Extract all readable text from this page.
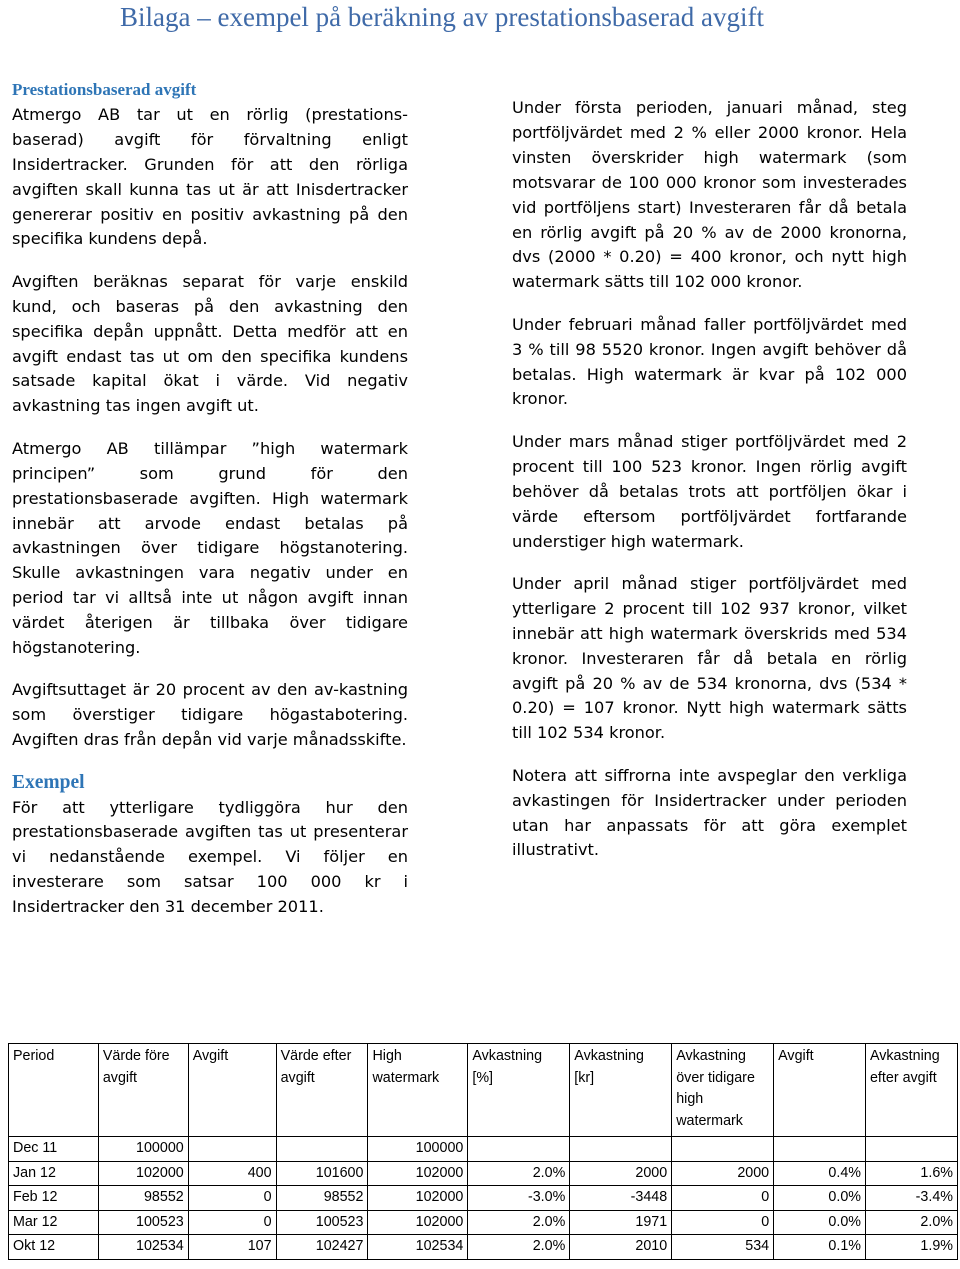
Bilaga – exempel på beräkning av prestationsbaserad avgift
Prestationsbaserad avgift

Atmergo AB tar ut en rörlig (prestations-baserad) avgift för förvaltning enligt Insidertracker. Grunden för att den rörliga avgiften skall kunna tas ut är att Inisdertracker genererar positiv en positiv avkastning på den specifika kundens depå.

Avgiften beräknas separat för varje enskild kund, och baseras på den avkastning den specifika depån uppnått. Detta medför att en avgift endast tas ut om den specifika kundens satsade kapital ökat i värde. Vid negativ avkastning tas ingen avgift ut.

Atmergo AB tillämpar ”high watermark principen” som grund för den prestationsbaserade avgiften. High watermark innebär att arvode endast betalas på avkastningen över tidigare högstanotering. Skulle avkastningen vara negativ under en period tar vi alltså inte ut någon avgift innan värdet återigen är tillbaka över tidigare högstanotering.

Avgiftsuttaget är 20 procent av den av-kastning som överstiger tidigare högastabotering. Avgiften dras från depån vid varje månadsskifte.

Exempel

För att ytterligare tydliggöra hur den prestationsbaserade avgiften tas ut presenterar vi nedanstående exempel. Vi följer en investerare som satsar 100 000 kr i Insidertracker den 31 december 2011.

Under första perioden, januari månad, steg portföljvärdet med 2 % eller 2000 kronor. Hela vinsten överskrider high watermark (som motsvarar de 100 000 kronor som investerades vid portföljens start) Investeraren får då betala en rörlig avgift på 20 % av de 2000 kronorna, dvs (2000 * 0.20) = 400 kronor, och nytt high watermark sätts till 102 000 kronor.

Under februari månad faller portföljvärdet med 3 % till 98 5520 kronor. Ingen avgift behöver då betalas. High watermark är kvar på 102 000 kronor.

Under mars månad stiger portföljvärdet med 2 procent till 100 523 kronor. Ingen rörlig avgift behöver då betalas trots att portföljen ökar i värde eftersom portföljvärdet fortfarande understiger high watermark.

Under april månad stiger portföljvärdet med ytterligare 2 procent till 102 937 kronor, vilket innebär att high watermark överskrids med 534 kronor. Investeraren får då betala en rörlig avgift på 20 % av de 534 kronorna, dvs (534 * 0.20) = 107 kronor. Nytt high watermark sätts till 102 534 kronor.

Notera att siffrorna inte avspeglar den verkliga avkastingen för Insidertracker under perioden utan har anpassats för att göra exemplet illustrativt.

Period	Värde före avgift	Avgift	Värde efter avgift	High watermark	Avkastning [%]	Avkastning [kr]	Avkastning över tidigare high watermark	Avgift	Avkastning efter avgift
Dec 11	100000			100000					
Jan 12	102000	400	101600	102000	2.0%	2000	2000	0.4%	1.6%
Feb 12	98552	0	98552	102000	-3.0%	-3448	0	0.0%	-3.4%
Mar 12	100523	0	100523	102000	2.0%	1971	0	0.0%	2.0%
Okt 12	102534	107	102427	102534	2.0%	2010	534	0.1%	1.9%
